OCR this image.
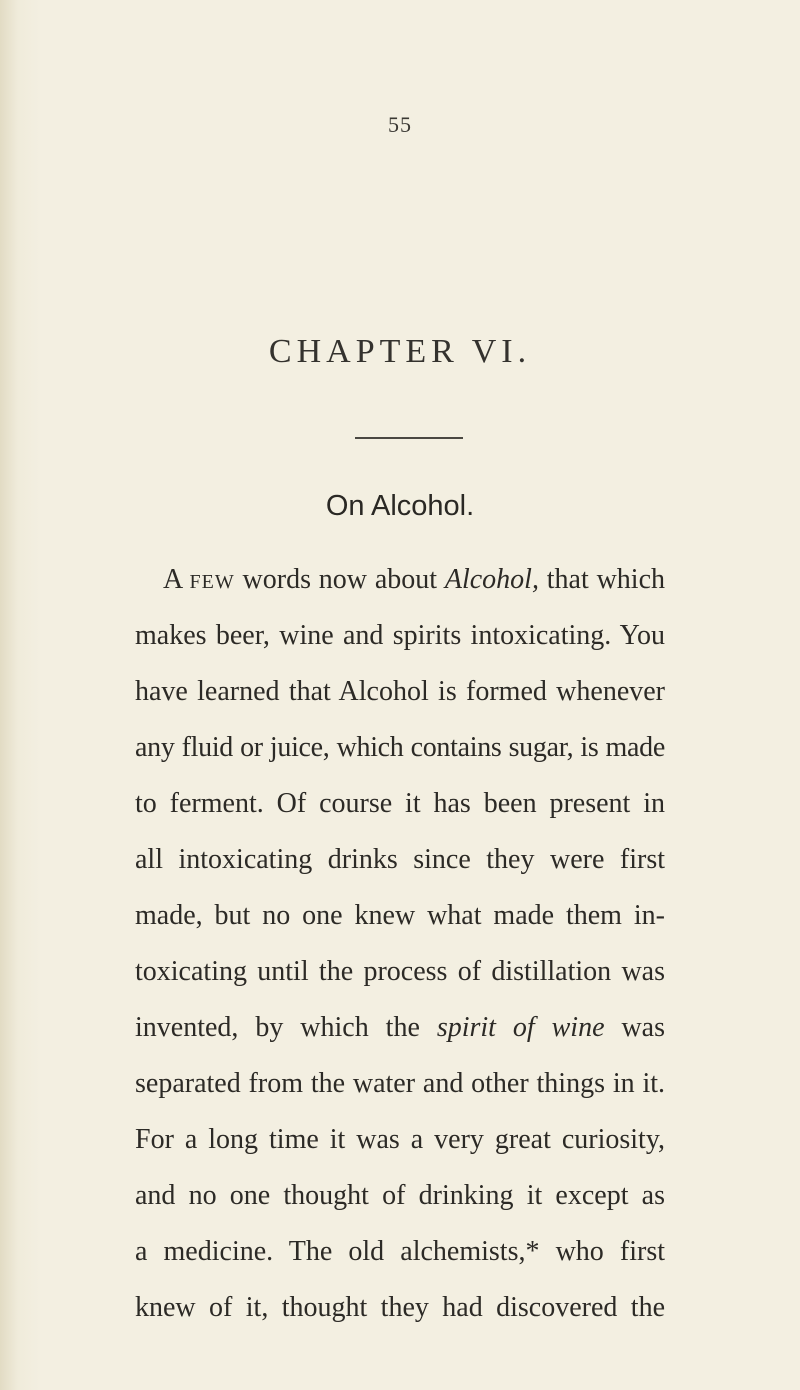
55
CHAPTER VI.
On Alcohol.
A FEW words now about Alcohol, that which
makes beer, wine and spirits intoxicating. You
have learned that Alcohol is formed whenever
any fluid or juice, which contains sugar, is made
to ferment. Of course it has been present in
all intoxicating drinks since they were first
made, but no one knew what made them in-
toxicating until the process of distillation was
invented, by which the spirit of wine was
separated from the water and other things in it.
For a long time it was a very great curiosity,
and no one thought of drinking it except as
a medicine. The old alchemists,* who first
knew of it, thought they had discovered the
